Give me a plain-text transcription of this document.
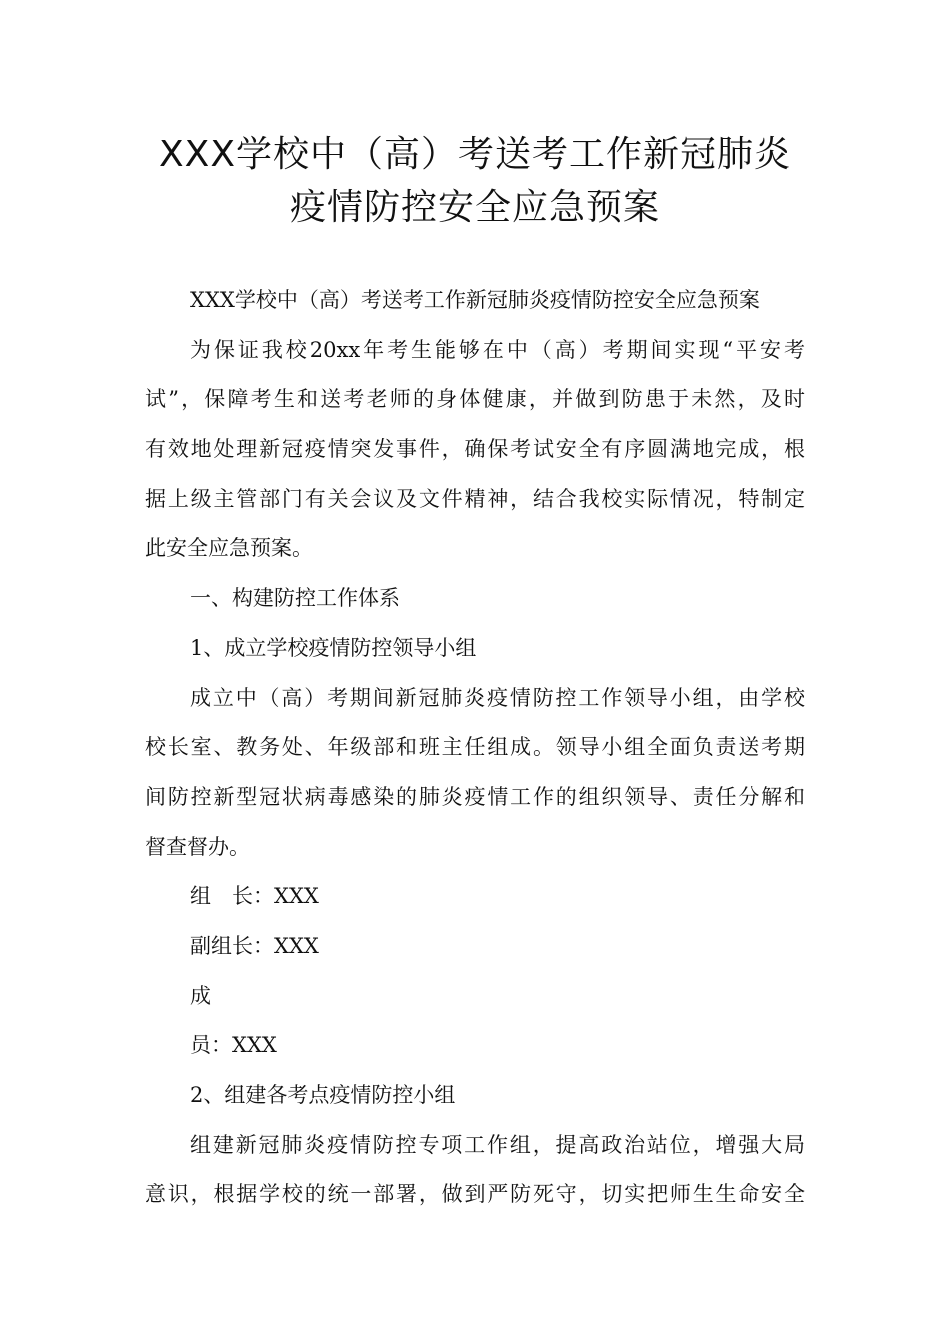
XXX学校中（高）考送考工作新冠肺炎
疫情防控安全应急预案
XXX学校中（高）考送考工作新冠肺炎疫情防控安全应急预案
为保证我校20xx年考生能够在中（高）考期间实现“平安考
试”，保障考生和送考老师的身体健康，并做到防患于未然，及时
有效地处理新冠疫情突发事件，确保考试安全有序圆满地完成，根
据上级主管部门有关会议及文件精神，结合我校实际情况，特制定
此安全应急预案。
一、构建防控工作体系
1、成立学校疫情防控领导小组
成立中（高）考期间新冠肺炎疫情防控工作领导小组，由学校
校长室、教务处、年级部和班主任组成。领导小组全面负责送考期
间防控新型冠状病毒感染的肺炎疫情工作的组织领导、责任分解和
督查督办。
组　长：XXX
副组长：XXX
成
员：XXX
2、组建各考点疫情防控小组
组建新冠肺炎疫情防控专项工作组，提高政治站位，增强大局
意识，根据学校的统一部署，做到严防死守，切实把师生生命安全
